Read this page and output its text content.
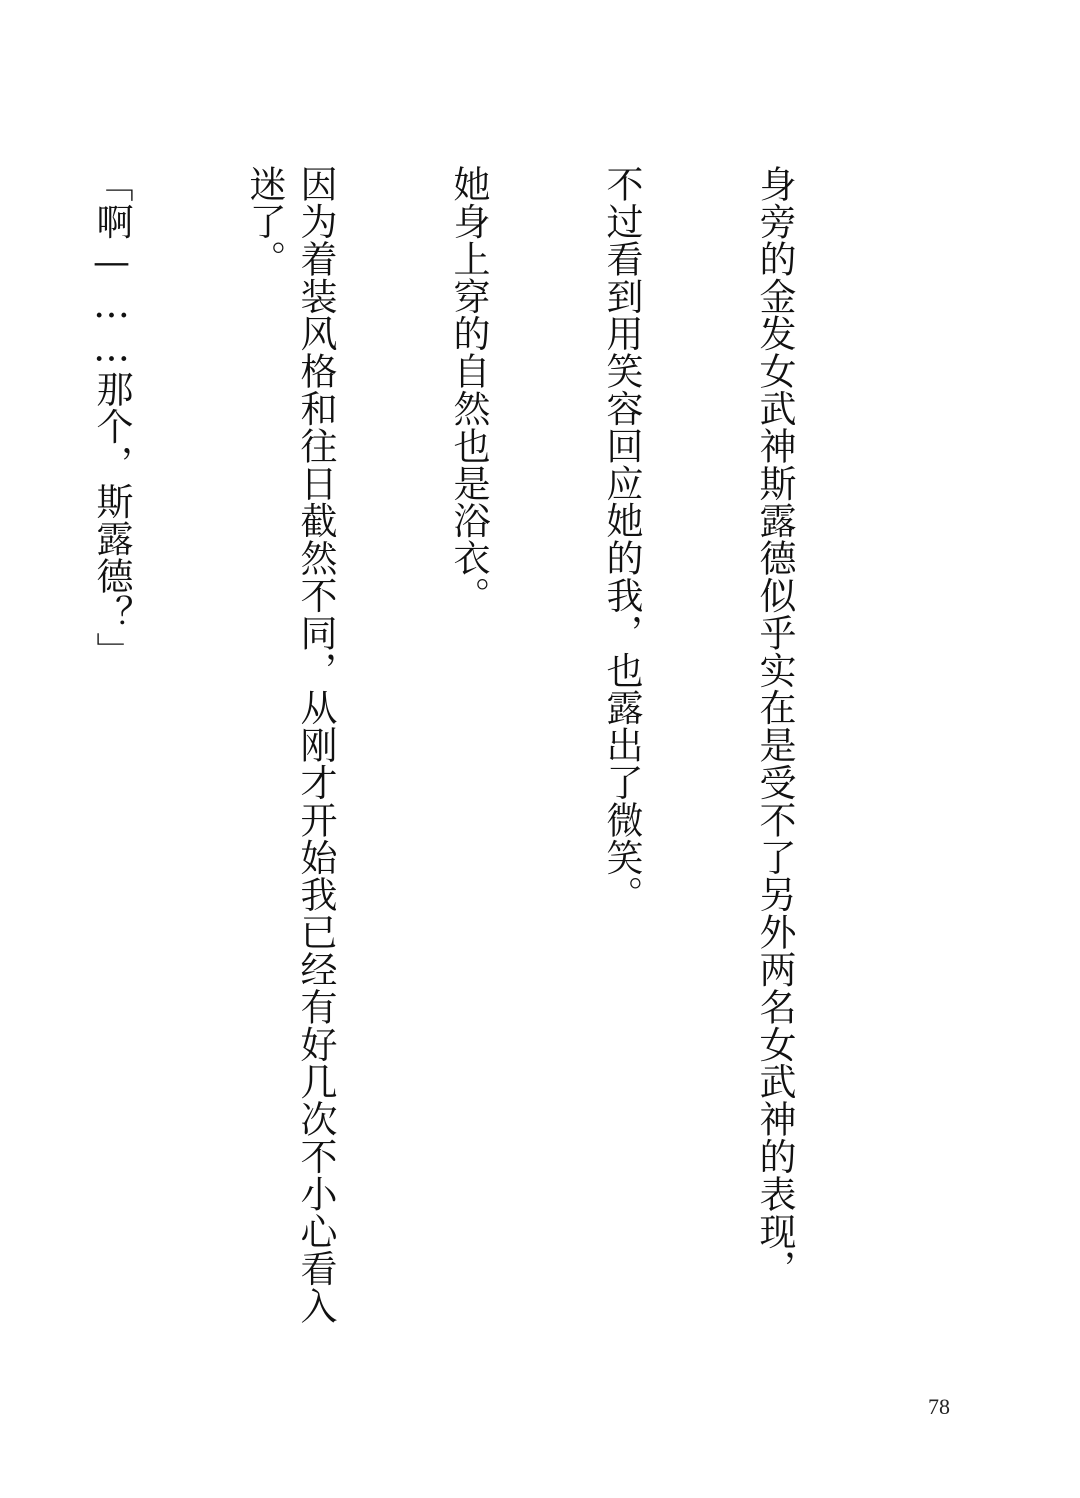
身旁的金发女武神斯露德似乎实在是受不了另外两名女武神的表现，

不过看到用笑容回应她的我，也露出了微笑。

她身上穿的自然也是浴衣。

因为着装风格和往日截然不同，从刚才开始我已经有好几次不小心看入迷了。

「啊—……那个，斯露德？」

78
